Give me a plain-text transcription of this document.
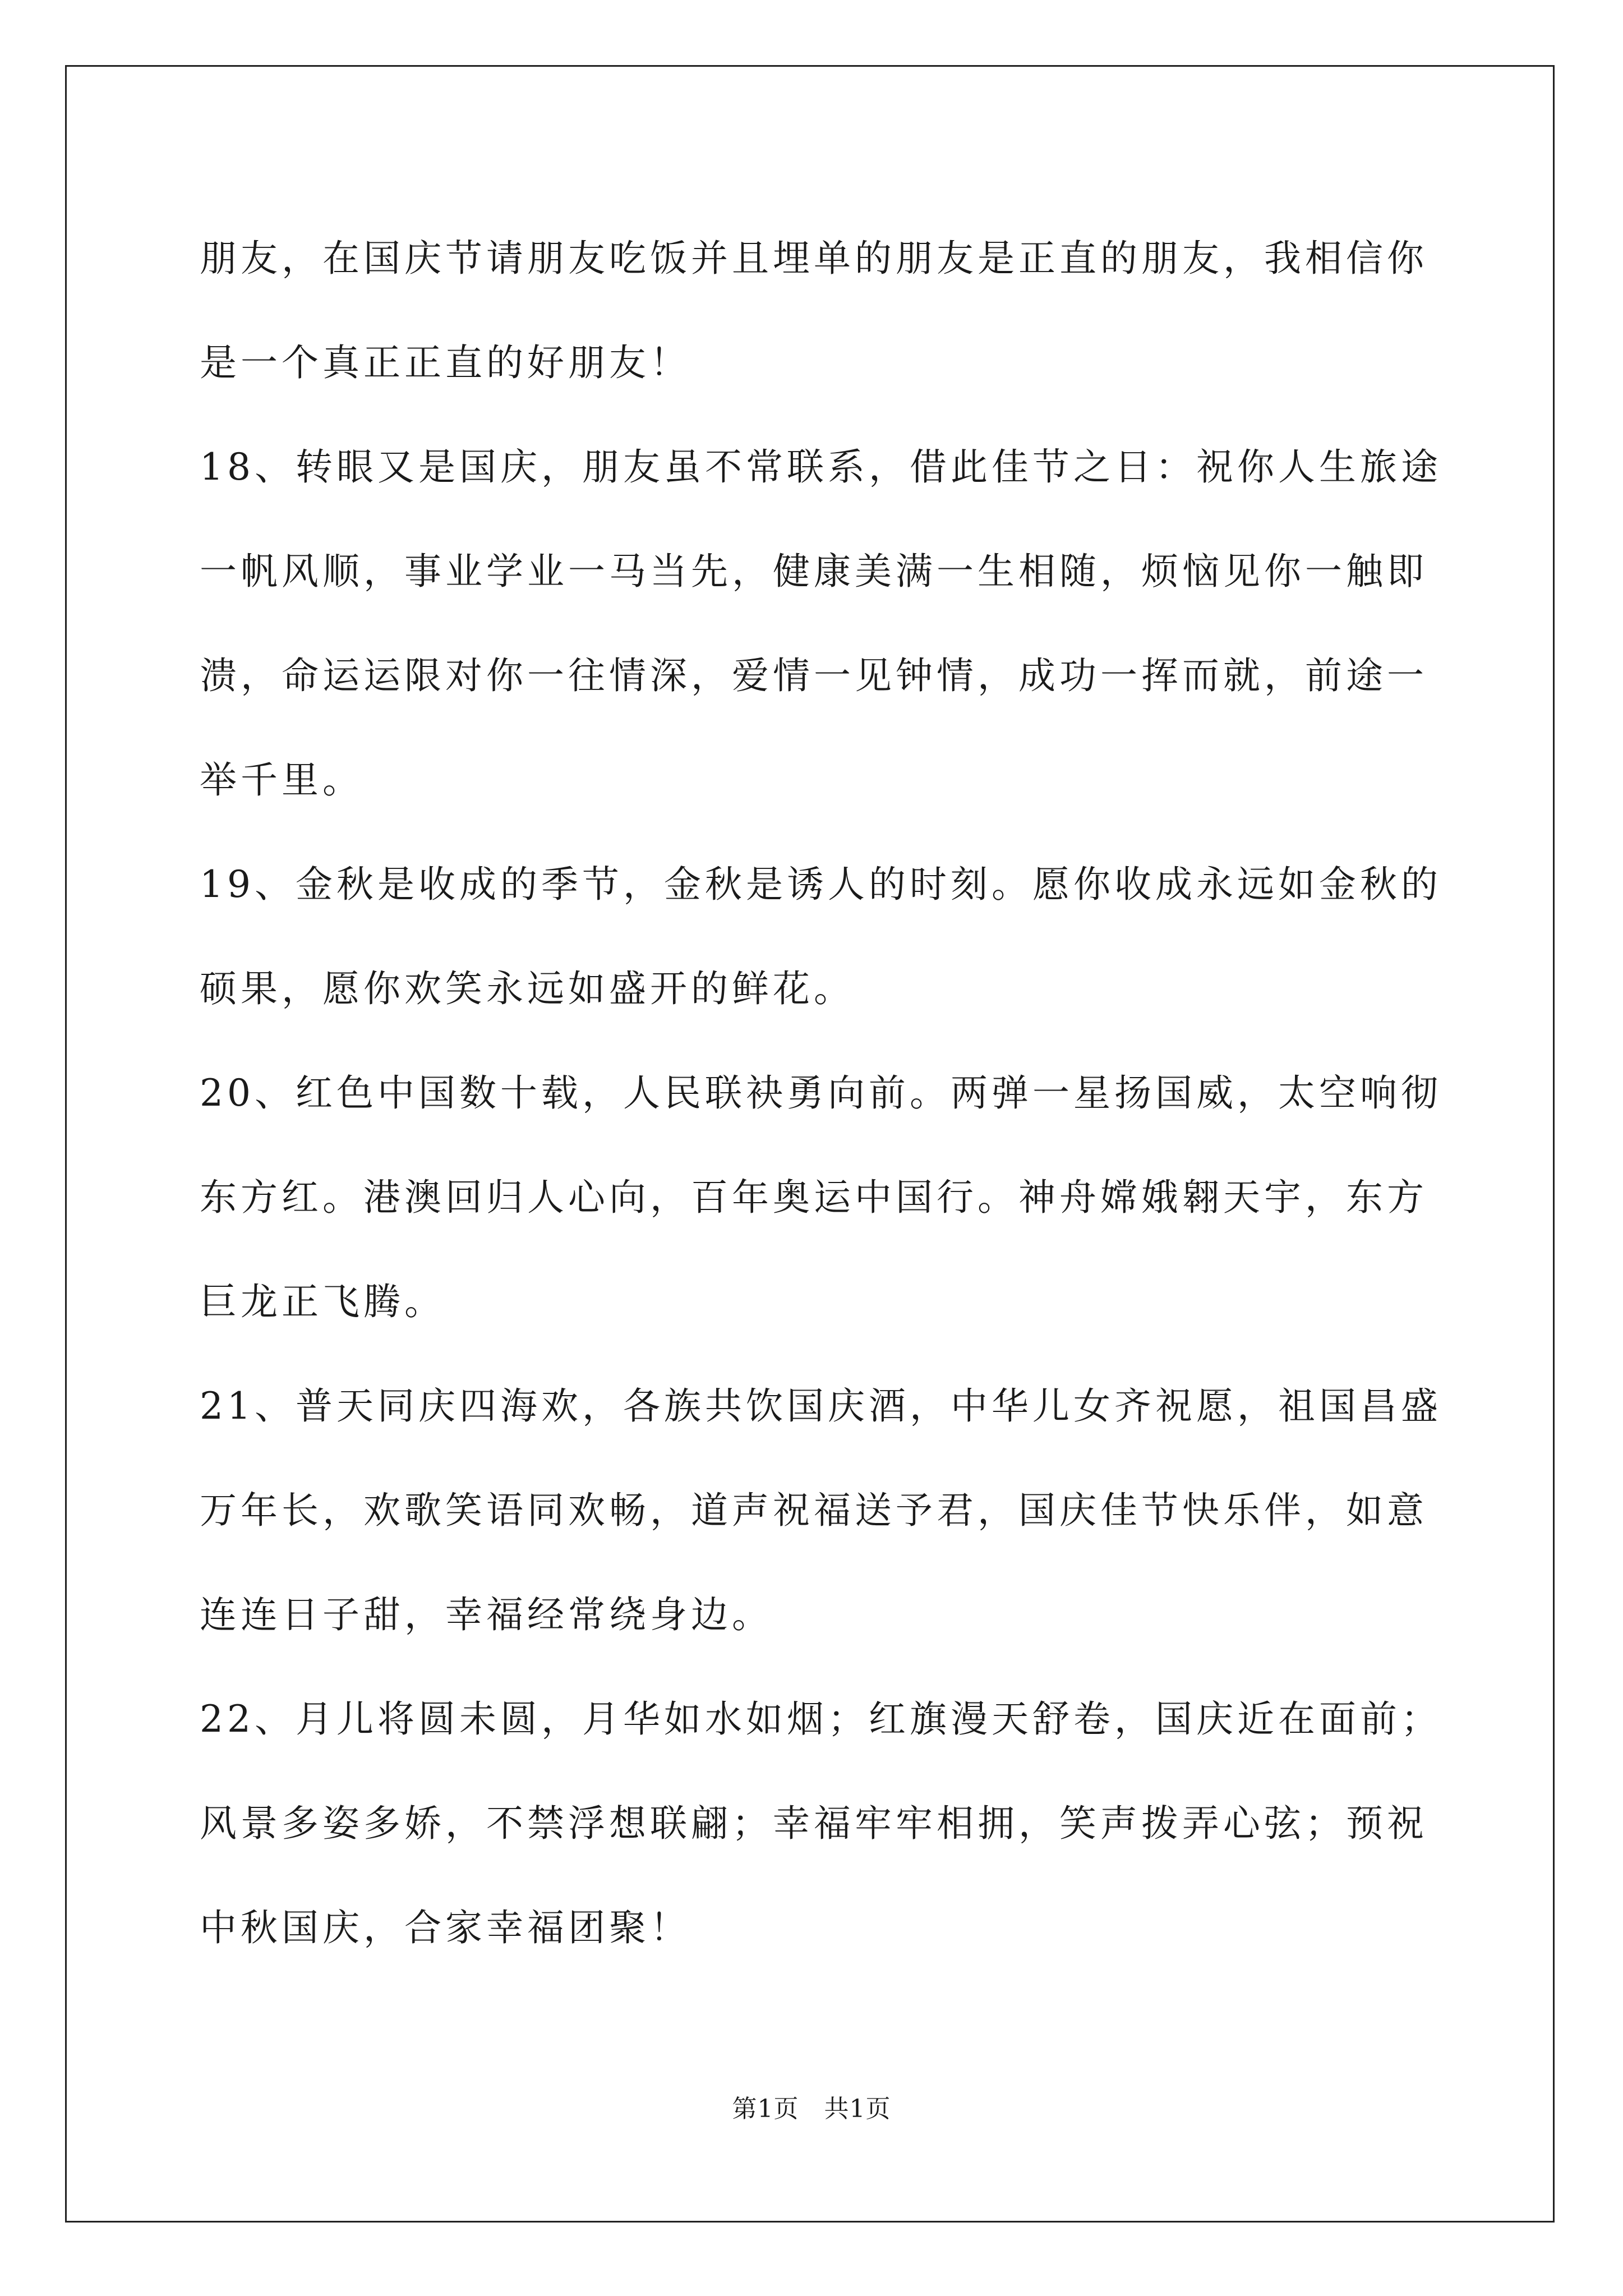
朋友，在国庆节请朋友吃饭并且埋单的朋友是正直的朋友，我相信你
是一个真正正直的好朋友！
18、转眼又是国庆，朋友虽不常联系，借此佳节之日：祝你人生旅途
一帆风顺，事业学业一马当先，健康美满一生相随，烦恼见你一触即
溃，命运运限对你一往情深，爱情一见钟情，成功一挥而就，前途一
举千里。
19、金秋是收成的季节，金秋是诱人的时刻。愿你收成永远如金秋的
硕果，愿你欢笑永远如盛开的鲜花。
20、红色中国数十载，人民联袂勇向前。两弹一星扬国威，太空响彻
东方红。港澳回归人心向，百年奥运中国行。神舟嫦娥翱天宇，东方
巨龙正飞腾。
21、普天同庆四海欢，各族共饮国庆酒，中华儿女齐祝愿，祖国昌盛
万年长，欢歌笑语同欢畅，道声祝福送予君，国庆佳节快乐伴，如意
连连日子甜，幸福经常绕身边。
22、月儿将圆未圆，月华如水如烟；红旗漫天舒卷，国庆近在面前；
风景多姿多娇，不禁浮想联翩；幸福牢牢相拥，笑声拨弄心弦；预祝
中秋国庆，合家幸福团聚！
第1页 共1页
